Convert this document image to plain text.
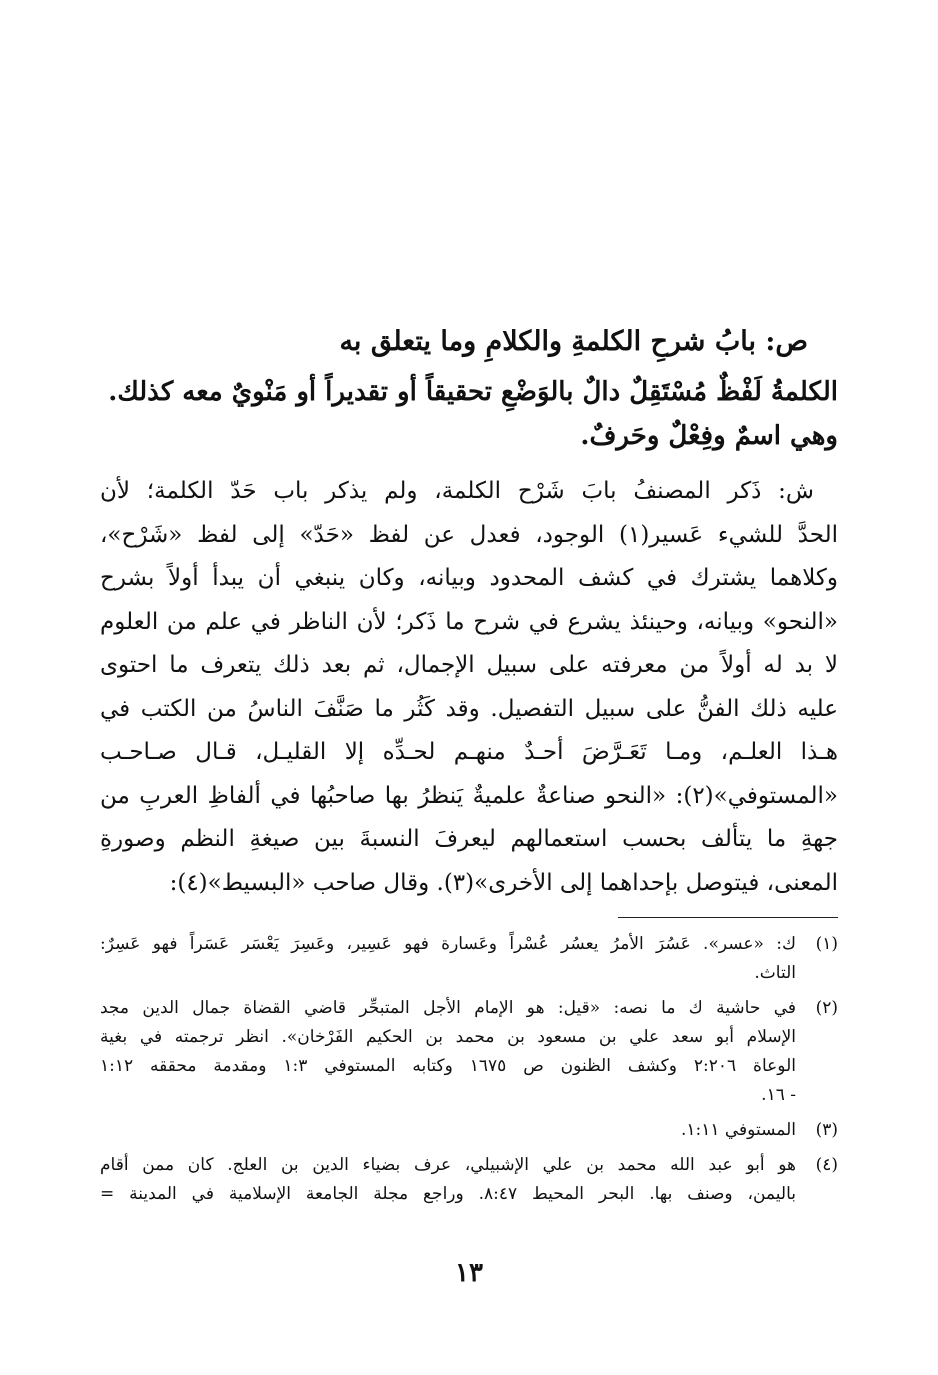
ص: بابُ شرحِ الكلمةِ والكلامِ وما يتعلق به
الكلمةُ لَفْظٌ مُسْتَقِلٌ دالٌ بالوَضْعِ تحقيقاً أو تقديراً أو مَنْويٌ معه كذلك.
وهي اسمٌ وفِعْلٌ وحَرفٌ.
ش: ذَكر المصنفُ بابَ شَرْح الكلمة، ولم يذكر باب حَدّ الكلمة؛ لأن
الحدَّ للشيء عَسير(١) الوجود، فعدل عن لفظ «حَدّ» إلى لفظ «شَرْح»،
وكلاهما يشترك في كشف المحدود وبيانه، وكان ينبغي أن يبدأ أولاً بشرح
«النحو» وبيانه، وحينئذ يشرع في شرح ما ذَكر؛ لأن الناظر في علم من العلوم
لا بد له أولاً من معرفته على سبيل الإجمال، ثم بعد ذلك يتعرف ما احتوى
عليه ذلك الفنُّ على سبيل التفصيل. وقد كَثُر ما صَنَّفَ الناسُ من الكتب في
هـذا العلـم، ومـا تَعَـرَّضَ أحـدٌ منهـم لحـدِّه إلا القليـل، قـال صـاحـب
«المستوفي»(٢): «النحو صناعةٌ علميةٌ يَنظرُ بها صاحبُها في ألفاظِ العربِ من
جهةِ ما يتألف بحسب استعمالهم ليعرفَ النسبةَ بين صيغةِ النظم وصورةِ
المعنى، فيتوصل بإحداهما إلى الأخرى»(٣). وقال صاحب «البسيط»(٤):
(١)
ك: «عسر». عَسُرَ الأمرُ يعسُر عُسْراً وعَسارة فهو عَسِير، وعَسِرَ يَعْسَر عَسَراً فهو عَسِرٌ:
التاث.
(٢)
في حاشية ك ما نصه: «قيل: هو الإمام الأجل المتبحِّر قاضي القضاة جمال الدين مجد
الإسلام أبو سعد علي بن مسعود بن محمد بن الحكيم الفَرْخان». انظر ترجمته في بغية
الوعاة ٢:٢٠٦ وكشف الظنون ص ١٦٧٥ وكتابه المستوفي ١:٣ ومقدمة محققه ١:١٢
- ١٦.
(٣)
المستوفي ١:١١.
(٤)
هو أبو عبد الله محمد بن علي الإشبيلي، عرف بضياء الدين بن العلج. كان ممن أقام
باليمن، وصنف بها. البحر المحيط ٨:٤٧. وراجع مجلة الجامعة الإسلامية في المدينة =
١٣
